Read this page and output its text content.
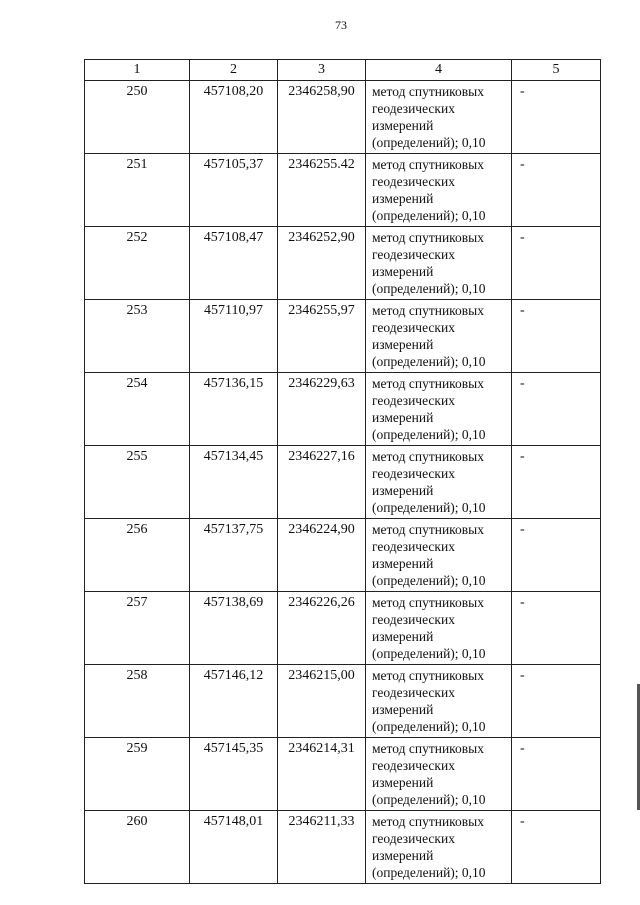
73
1	2	3	4	5
250	457108,20	2346258,90	метод спутниковых
геодезических
измерений
(определений); 0,10	-
251	457105,37	2346255.42	метод спутниковых
геодезических
измерений
(определений); 0,10	-
252	457108,47	2346252,90	метод спутниковых
геодезических
измерений
(определений); 0,10	-
253	457110,97	2346255,97	метод спутниковых
геодезических
измерений
(определений); 0,10	-
254	457136,15	2346229,63	метод спутниковых
геодезических
измерений
(определений); 0,10	-
255	457134,45	2346227,16	метод спутниковых
геодезических
измерений
(определений); 0,10	-
256	457137,75	2346224,90	метод спутниковых
геодезических
измерений
(определений); 0,10	-
257	457138,69	2346226,26	метод спутниковых
геодезических
измерений
(определений); 0,10	-
258	457146,12	2346215,00	метод спутниковых
геодезических
измерений
(определений); 0,10	-
259	457145,35	2346214,31	метод спутниковых
геодезических
измерений
(определений); 0,10	-
260	457148,01	2346211,33	метод спутниковых
геодезических
измерений
(определений); 0,10	-
